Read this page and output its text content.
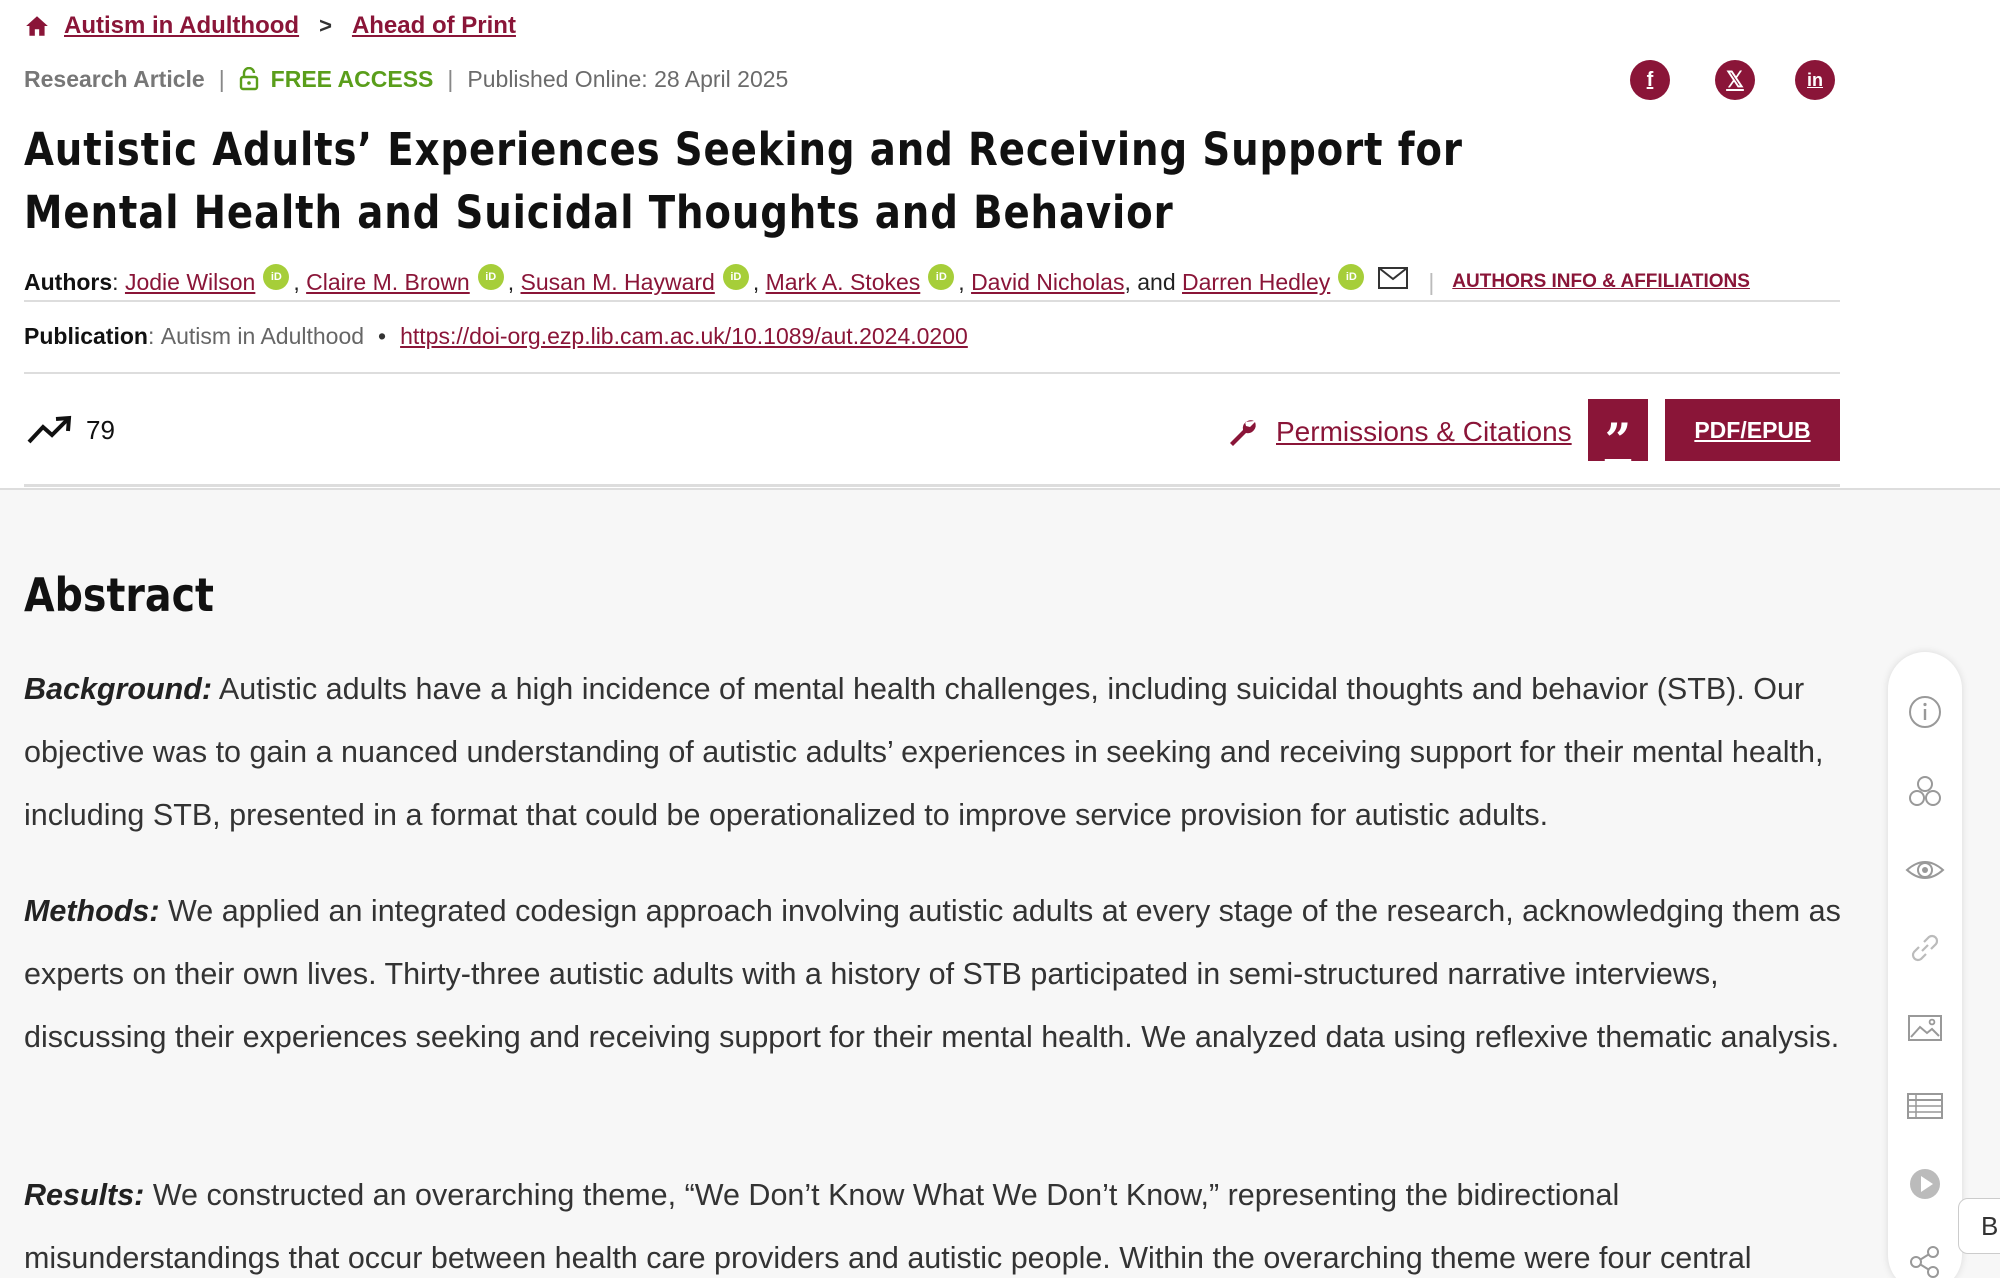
Autism in Adulthood > Ahead of Print
Research Article | FREE ACCESS | Published Online: 28 April 2025	f	𝕏	in
Autistic Adults’ Experiences Seeking and Receiving Support for Mental Health and Suicidal Thoughts and Behavior
Authors : Jodie Wilson	iD , Claire M. Brown	iD , Susan M. Hayward	iD , Mark A. Stokes	iD , David Nicholas , and
Darren Hedley	iD	| AUTHORS INFO & AFFILIATIONS
Publication : Autism in Adulthood • https://doi-org.ezp.lib.cam.ac.uk/10.1089/aut.2024.0200
79	Permissions & Citations ”	PDF/EPUB
Abstract

Background: Autistic adults have a high incidence of mental health challenges, including suicidal thoughts and behavior (STB). Our objective was to gain a nuanced understanding of autistic adults’ experiences in seeking and receiving support for their mental health, including STB, presented in a format that could be operationalized to improve service provision for autistic adults.

Methods: We applied an integrated codesign approach involving autistic adults at every stage of the research, acknowledging them as experts on their own lives. Thirty-three autistic adults with a history of STB participated in semi-structured narrative interviews, discussing their experiences seeking and receiving support for their mental health. We analyzed data using reflexive thematic analysis.

Results: We constructed an overarching theme, “We Don’t Know What We Don’t Know,” representing the bidirectional misunderstandings that occur between health care providers and autistic people. Within the overarching theme were four central

B
